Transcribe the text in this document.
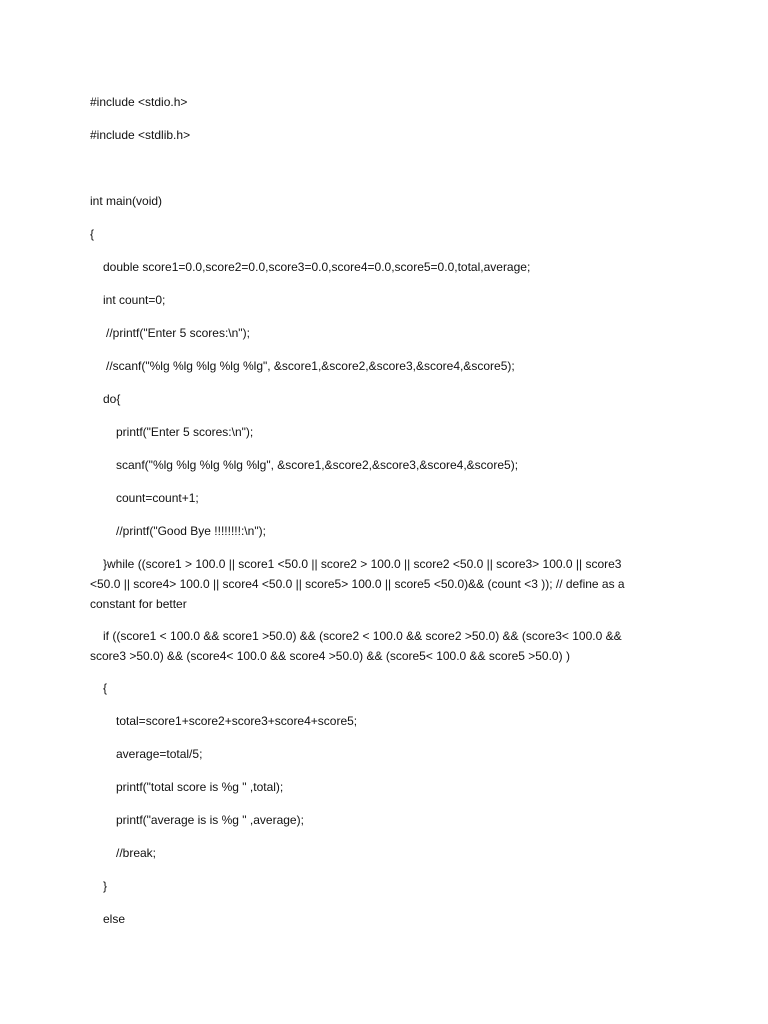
#include <stdio.h>

#include <stdlib.h>

int main(void)

{

double score1=0.0,score2=0.0,score3=0.0,score4=0.0,score5=0.0,total,average;

int count=0;

//printf("Enter 5 scores:\n");

//scanf("%lg %lg %lg %lg %lg", &score1,&score2,&score3,&score4,&score5);

do{

printf("Enter 5 scores:\n");

scanf("%lg %lg %lg %lg %lg", &score1,&score2,&score3,&score4,&score5);

count=count+1;

//printf("Good Bye !!!!!!!!:\n");

}while ((score1 > 100.0 || score1 <50.0 || score2 > 100.0 || score2 <50.0 || score3> 100.0 || score3

<50.0 || score4> 100.0 || score4 <50.0 || score5> 100.0 || score5 <50.0)&& (count <3 )); // define as a

constant for better

if ((score1 < 100.0 && score1 >50.0) && (score2 < 100.0 && score2 >50.0) && (score3< 100.0 &&

score3 >50.0) && (score4< 100.0 && score4 >50.0) && (score5< 100.0 && score5 >50.0) )

{

total=score1+score2+score3+score4+score5;

average=total/5;

printf("total score is %g " ,total);

printf("average is is %g " ,average);

//break;

}

else
